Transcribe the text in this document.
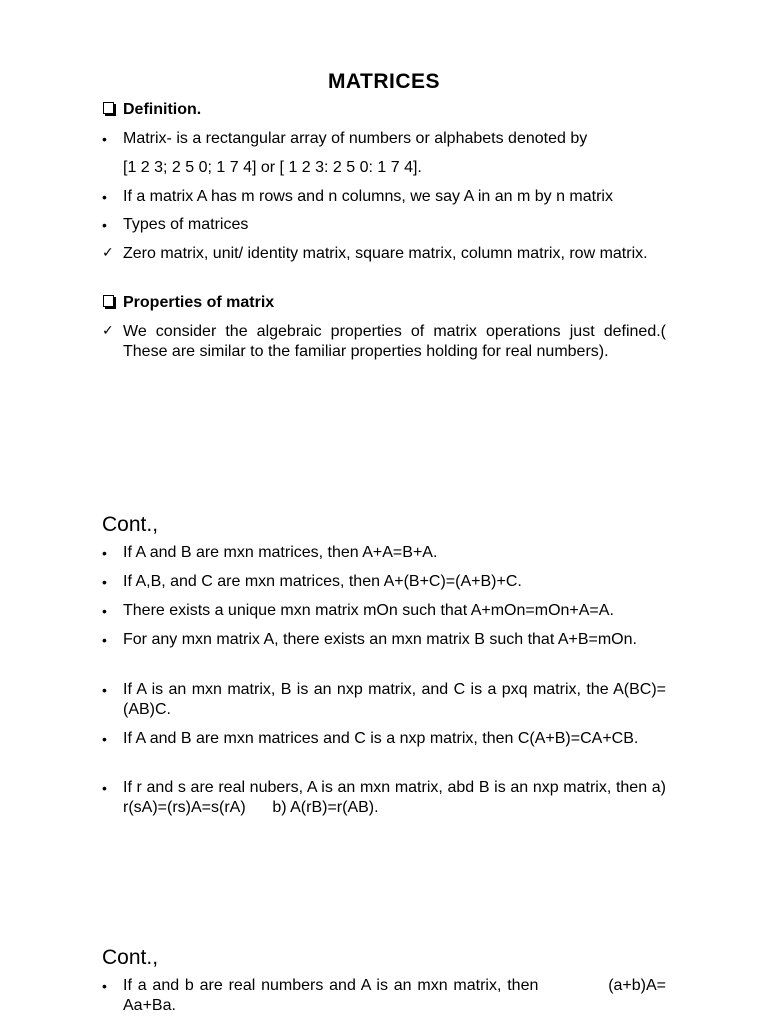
MATRICES
Definition.
•	Matrix- is a rectangular array of numbers or alphabets denoted by
[1 2 3; 2 5 0; 1 7 4] or [ 1 2 3: 2 5 0: 1 7 4].
•	If a matrix A has m rows and n columns, we say A in an m by n matrix
•	Types of matrices
✓ Zero matrix, unit/ identity matrix, square matrix, column matrix, row matrix.
Properties of matrix
✓ We consider the algebraic properties of matrix operations just defined.( These are similar to the familiar properties holding for real numbers).
Cont.,
•	If A and B are mxn matrices, then A+A=B+A.
•	If A,B, and C are mxn matrices, then A+(B+C)=(A+B)+C.
•	There exists a unique mxn matrix mOn such that A+mOn=mOn+A=A.
•	For any mxn matrix A, there exists an mxn matrix B such that A+B=mOn.
•	If A is an mxn matrix, B is an nxp matrix, and C is a pxq matrix, the A(BC)=(AB)C.
•	If A and B are mxn matrices and C is a nxp matrix, then C(A+B)=CA+CB.
•	If r and s are real nubers, A is an mxn matrix, abd B is an nxp matrix, then a) r(sA)=(rs)A=s(rA)      b) A(rB)=r(AB).
Cont.,
•	If a and b are real numbers and A is an mxn matrix, then            (a+b)A= Aa+Ba.
